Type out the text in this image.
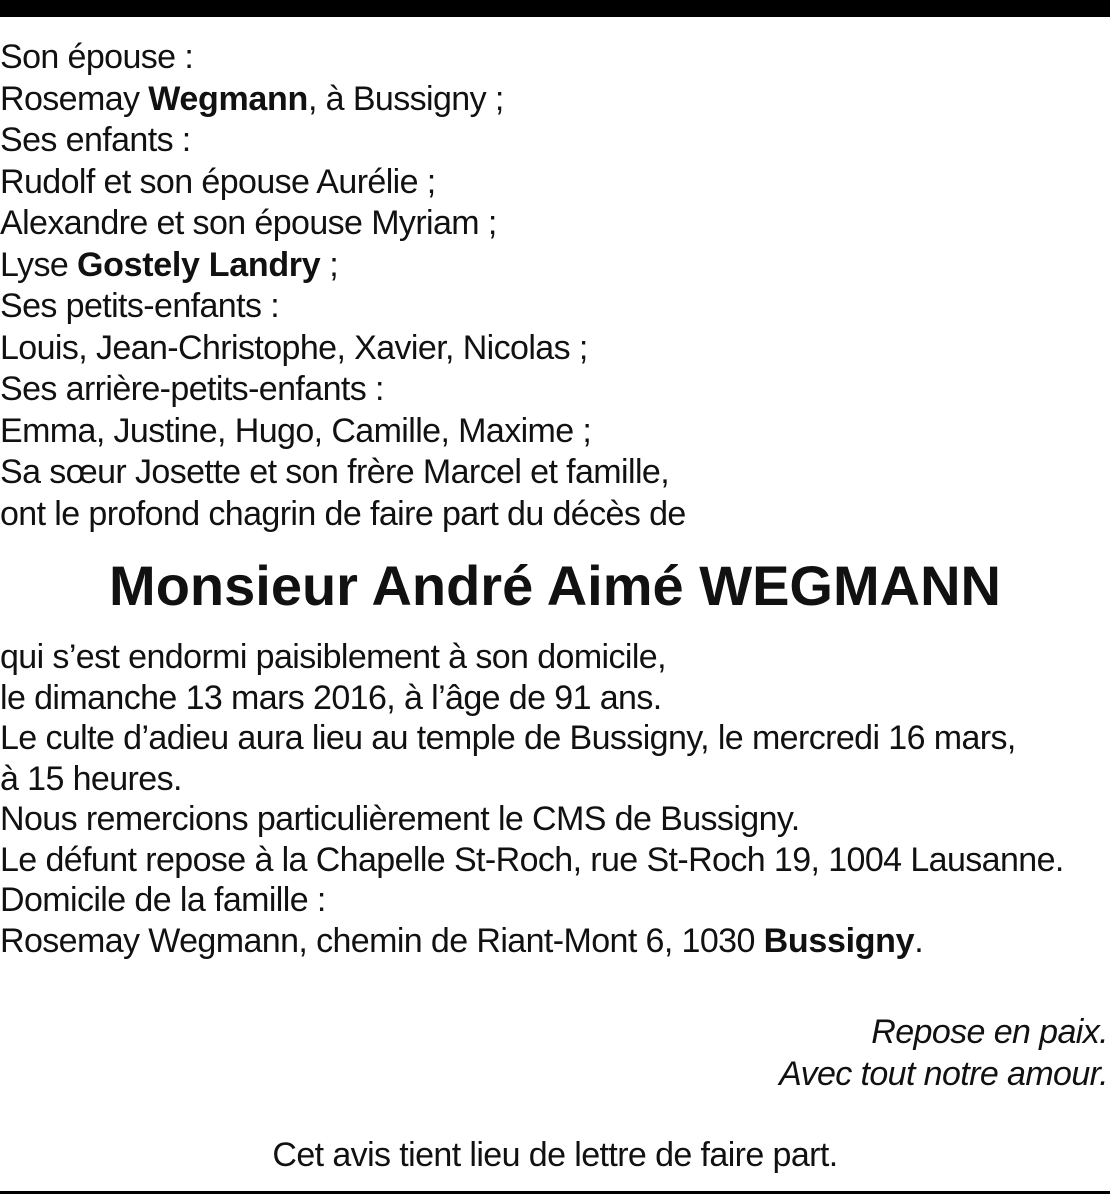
Son épouse :
Rosemay Wegmann, à Bussigny ;
Ses enfants :
Rudolf et son épouse Aurélie ;
Alexandre et son épouse Myriam ;
Lyse Gostely Landry ;
Ses petits-enfants :
Louis, Jean-Christophe, Xavier, Nicolas ;
Ses arrière-petits-enfants :
Emma, Justine, Hugo, Camille, Maxime ;
Sa sœur Josette et son frère Marcel et famille,
ont le profond chagrin de faire part du décès de
Monsieur André Aimé WEGMANN
qui s’est endormi paisiblement à son domicile,
le dimanche 13 mars 2016, à l’âge de 91 ans.
Le culte d’adieu aura lieu au temple de Bussigny, le mercredi 16 mars,
à 15 heures.
Nous remercions particulièrement le CMS de Bussigny.
Le défunt repose à la Chapelle St-Roch, rue St-Roch 19, 1004 Lausanne.
Domicile de la famille :
Rosemay Wegmann, chemin de Riant-Mont 6, 1030 Bussigny.
Repose en paix.
Avec tout notre amour.
Cet avis tient lieu de lettre de faire part.
